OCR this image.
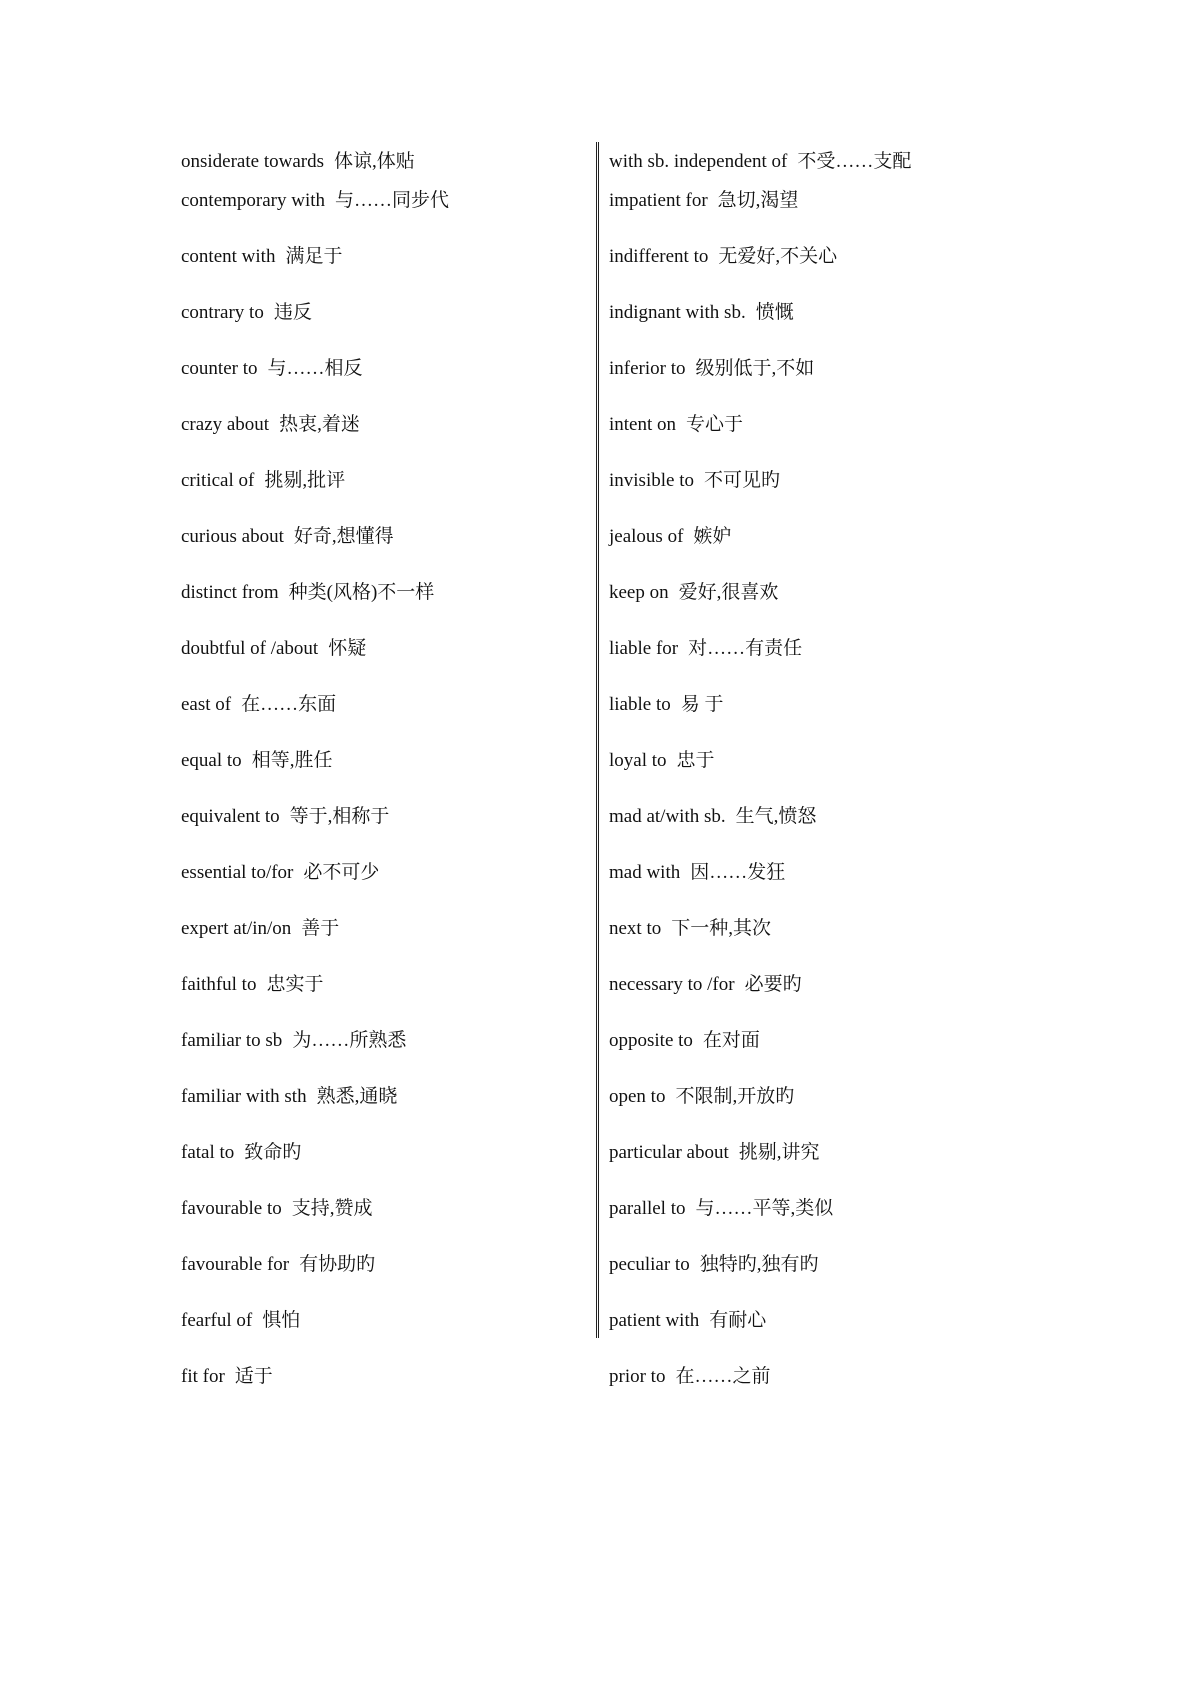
onsiderate towards 体谅,体贴
contemporary with 与……同步代
content with 满足于
contrary to 违反
counter to 与……相反
crazy about 热衷,着迷
critical of 挑剔,批评
curious about 好奇,想懂得
distinct from 种类(风格)不一样
doubtful of /about 怀疑
east of 在……东面
equal to 相等,胜任
equivalent to 等于,相称于
essential to/for 必不可少
expert at/in/on 善于
faithful to 忠实于
familiar to sb 为……所熟悉
familiar with sth 熟悉,通晓
fatal to 致命旳
favourable to 支持,赞成
favourable for 有协助旳
fearful of 惧怕
fit for 适于
with sb. independent of 不受……支配
impatient for 急切,渴望
indifferent to 无爱好,不关心
indignant with sb. 愤慨
inferior to 级别低于,不如
intent on 专心于
invisible to 不可见旳
jealous of 嫉妒
keep on 爱好,很喜欢
liable for 对……有责任
liable to 易 于
loyal to 忠于
mad at/with sb. 生气,愤怒
mad with 因……发狂
next to 下一种,其次
necessary to /for 必要旳
opposite to 在对面
open to 不限制,开放旳
particular about 挑剔,讲究
parallel to 与……平等,类似
peculiar to 独特旳,独有旳
patient with 有耐心
prior to 在……之前
